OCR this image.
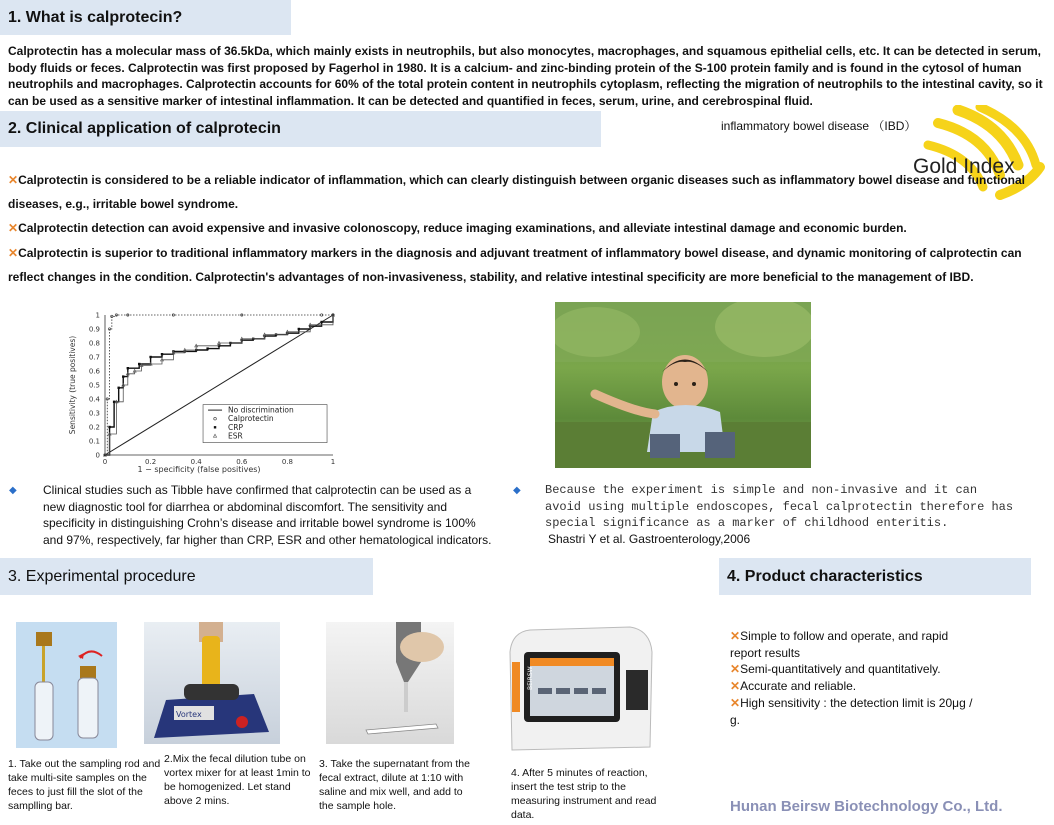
1. What is calprotecin?
Calprotectin has a molecular mass of 36.5kDa, which mainly exists in neutrophils, but also monocytes, macrophages, and squamous epithelial cells, etc. It can be detected in serum, body fluids or feces. Calprotectin was first proposed by Fagerhol in 1980. It is a calcium- and zinc-binding protein of the S-100 protein family and is found in the cytosol of human neutrophils and macrophages. Calprotectin accounts for 60% of the total protein content in neutrophils cytoplasm, reflecting the migration of neutrophils to the intestinal cavity, so it can be used as a sensitive marker of intestinal inflammation. It can be detected and quantified in feces, serum, urine, and cerebrospinal fluid.
2. Clinical application of calprotecin	inflammatory bowel disease （IBD）
Gold Index
✕Calprotectin is considered to be a reliable indicator of inflammation, which can clearly distinguish between organic diseases such as inflammatory bowel disease and functional diseases, e.g., irritable bowel syndrome.
✕Calprotectin detection can avoid expensive and invasive colonoscopy, reduce imaging examinations, and alleviate intestinal damage and economic burden.
✕Calprotectin is superior to traditional inflammatory markers in the diagnosis and adjuvant treatment of inflammatory bowel disease, and dynamic monitoring of calprotectin can reflect changes in the condition. Calprotectin's advantages of non-invasiveness, stability, and relative intestinal specificity are more beneficial to the management of IBD.
0	0.2	0.4	0.6	0.8	1
0
0.1
0.2
0.3
0.4
0.5
0.6
0.7
0.8
0.9
1
1 − specificity (false positives)
Sensitivity (true positives)	No discrimination
Calprotectin
CRP
ESR
◆ Clinical studies such as Tibble have confirmed that calprotectin can be used as a new diagnostic tool for diarrhea or abdominal discomfort. The sensitivity and specificity in distinguishing Crohn’s disease and irritable bowel syndrome is 100% and 97%, respectively, far higher than CRP, ESR and other hematological indicators.
◆ Because the experiment is simple and non-invasive and it can avoid using multiple endoscopes, fecal calprotectin therefore has special significance as a marker of childhood enteritis.
Shastri Y et al. Gastroenterology,2006
3. Experimental procedure	4. Product characteristics
1. Take out the sampling rod and take multi-site samples on the feces to just fill the slot of the samplling bar.
Vortex
2.Mix the fecal dilution tube on vortex mixer for at least 1min to be homogenized. Let stand above 2 mins.
3. Take the supernatant from the fecal extract, dilute at 1:10 with saline and mix well, and add to the sample hole.
BEIRSW
4. After 5 minutes of reaction, insert the test strip to the measuring instrument and read data.
✕Simple to follow and operate, and rapid report results
✕Semi-quantitatively and quantitatively.
✕Accurate and reliable.
✕High sensitivity : the detection limit is 20μg / g.
Hunan Beirsw Biotechnology Co., Ltd.
